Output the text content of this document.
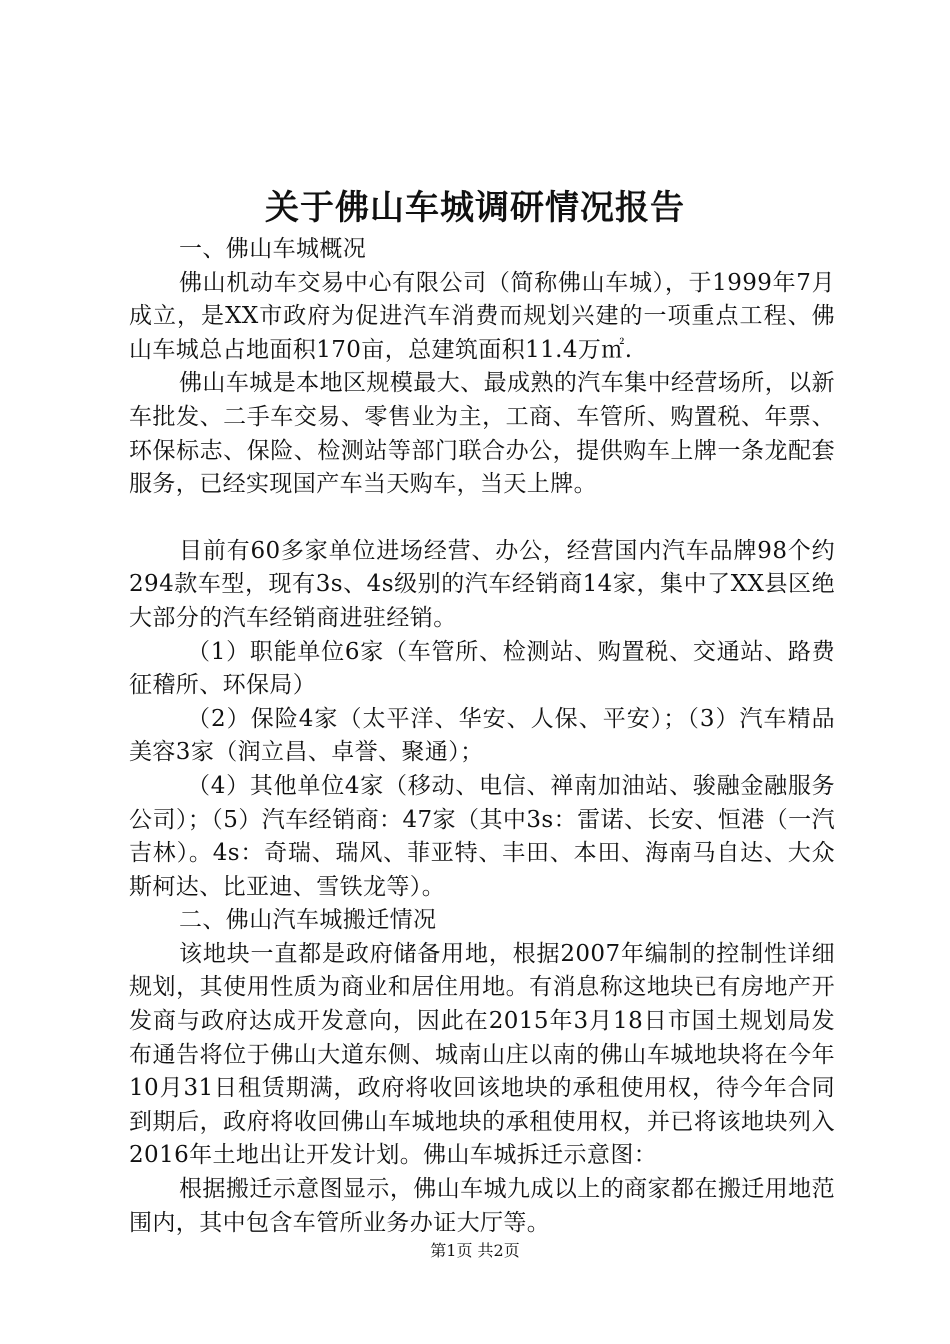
关于佛山车城调研情况报告

一、佛山车城概况

佛山机动车交易中心有限公司（简称佛山车城），于1999年7月成立，是XX市政府为促进汽车消费而规划兴建的一项重点工程、佛山车城总占地面积170亩，总建筑面积11.4万㎡.

佛山车城是本地区规模最大、最成熟的汽车集中经营场所，以新车批发、二手车交易、零售业为主，工商、车管所、购置税、年票、环保标志、保险、检测站等部门联合办公，提供购车上牌一条龙配套服务，已经实现国产车当天购车，当天上牌。

目前有60多家单位进场经营、办公，经营国内汽车品牌98个约294款车型，现有3s、4s级别的汽车经销商14家，集中了XX县区绝大部分的汽车经销商进驻经销。

（1）职能单位6家（车管所、检测站、购置税、交通站、路费征稽所、环保局）

（2）保险4家（太平洋、华安、人保、平安）；（3）汽车精品美容3家（润立昌、卓誉、聚通）；

（4）其他单位4家（移动、电信、禅南加油站、骏融金融服务公司）；（5）汽车经销商：47家（其中3s：雷诺、长安、恒港（一汽吉林）。4s：奇瑞、瑞风、菲亚特、丰田、本田、海南马自达、大众斯柯达、比亚迪、雪铁龙等）。

二、佛山汽车城搬迁情况

该地块一直都是政府储备用地，根据2007年编制的控制性详细规划，其使用性质为商业和居住用地。有消息称这地块已有房地产开发商与政府达成开发意向，因此在2015年3月18日市国土规划局发布通告将位于佛山大道东侧、城南山庄以南的佛山车城地块将在今年10月31日租赁期满，政府将收回该地块的承租使用权，待今年合同到期后，政府将收回佛山车城地块的承租使用权，并已将该地块列入2016年土地出让开发计划。佛山车城拆迁示意图：

根据搬迁示意图显示，佛山车城九成以上的商家都在搬迁用地范围内，其中包含车管所业务办证大厅等。

第1页 共2页
